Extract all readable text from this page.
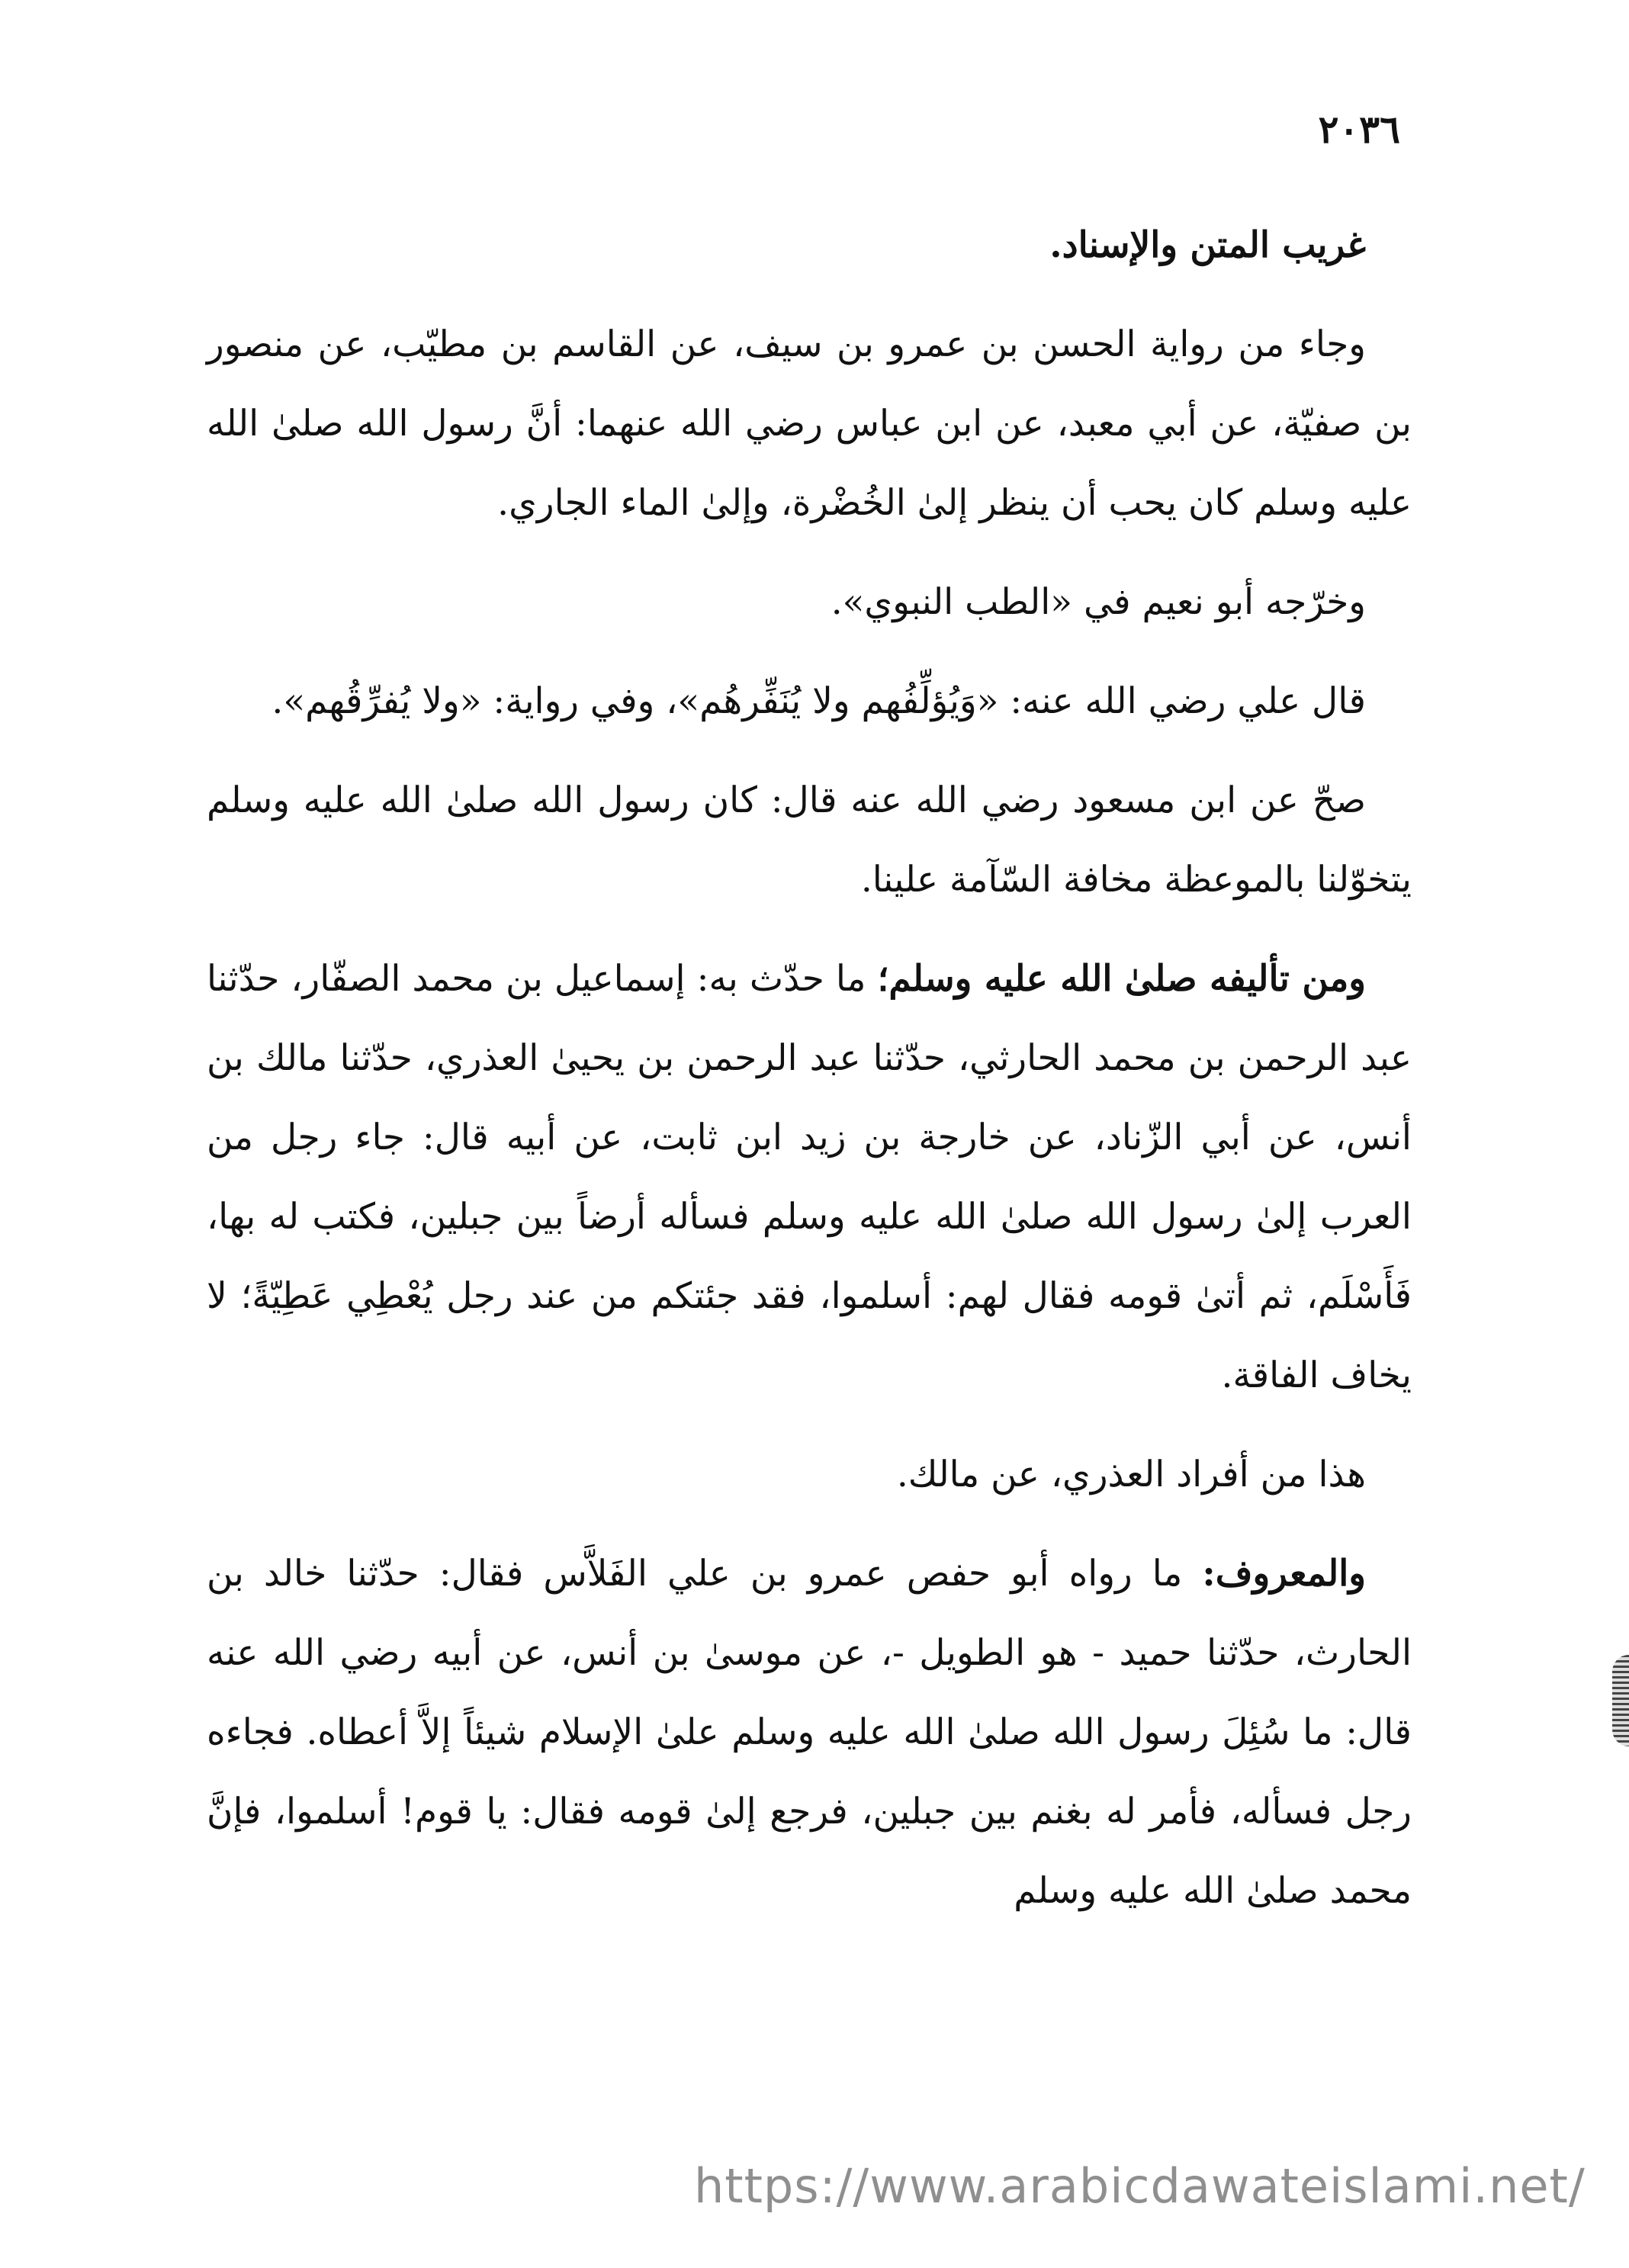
٢٠٣٦
غريب المتن والإسناد.

وجاء من رواية الحسن بن عمرو بن سيف، عن القاسم بن مطيّب، عن منصور بن صفيّة، عن أبي معبد، عن ابن عباس رضي الله عنهما: أنَّ رسول الله صلىٰ الله عليه وسلم كان يحب أن ينظر إلىٰ الخُضْرة، وإلىٰ الماء الجاري.

وخرّجه أبو نعيم في «الطب النبوي».

قال علي رضي الله عنه: «وَيُؤلِّفُهم ولا يُنَفِّرهُم»، وفي رواية: «ولا يُفرِّقُهم».

صحّ عن ابن مسعود رضي الله عنه قال: كان رسول الله صلىٰ الله عليه وسلم يتخوّلنا بالموعظة مخافة السّآمة علينا.

ومن تأليفه صلىٰ الله عليه وسلم؛ ما حدّث به: إسماعيل بن محمد الصفّار، حدّثنا عبد الرحمن بن محمد الحارثي، حدّثنا عبد الرحمن بن يحيىٰ العذري، حدّثنا مالك بن أنس، عن أبي الزّناد، عن خارجة بن زيد ابن ثابت، عن أبيه قال: جاء رجل من العرب إلىٰ رسول الله صلىٰ الله عليه وسلم فسأله أرضاً بين جبلين، فكتب له بها، فَأَسْلَم، ثم أتىٰ قومه فقال لهم: أسلموا، فقد جئتكم من عند رجل يُعْطِي عَطِيّةً؛ لا يخاف الفاقة.

هذا من أفراد العذري، عن مالك.

والمعروف: ما رواه أبو حفص عمرو بن علي الفَلاَّس فقال: حدّثنا خالد بن الحارث، حدّثنا حميد - هو الطويل -، عن موسىٰ بن أنس، عن أبيه رضي الله عنه قال: ما سُئِلَ رسول الله صلىٰ الله عليه وسلم علىٰ الإسلام شيئاً إلاَّ أعطاه. فجاءه رجل فسأله، فأمر له بغنم بين جبلين، فرجع إلىٰ قومه فقال: يا قوم! أسلموا، فإنَّ محمد صلىٰ الله عليه وسلم

https://www.arabicdawateislami.net/
